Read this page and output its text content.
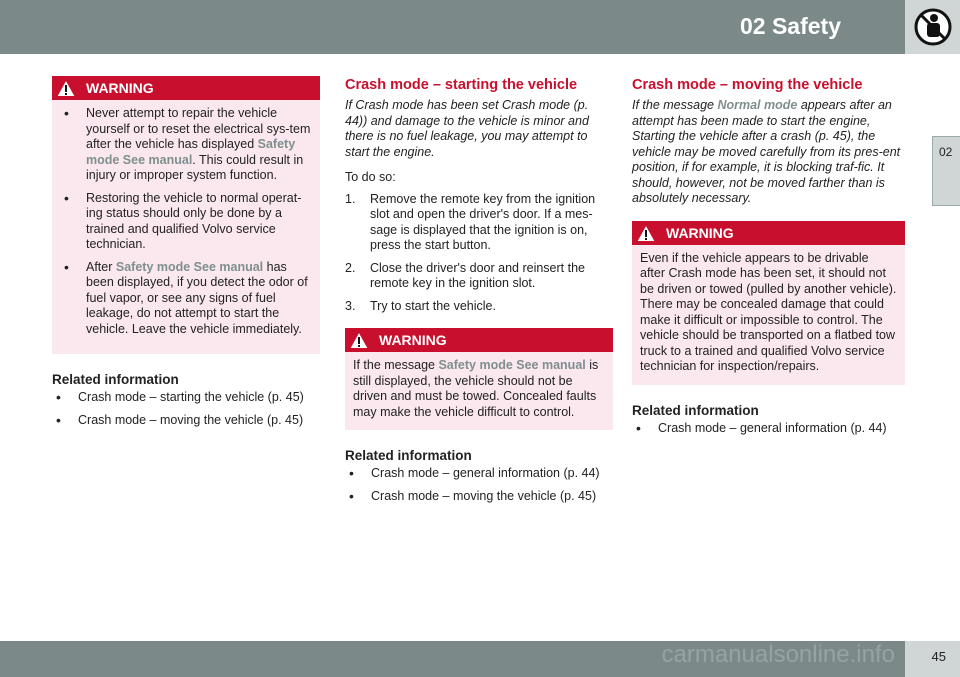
02 Safety
02
WARNING
• Never attempt to repair the vehicle yourself or to reset the electrical sys-tem after the vehicle has displayed Safety mode See manual. This could result in injury or improper system function.
• Restoring the vehicle to normal operat-ing status should only be done by a trained and qualified Volvo service technician.
• After Safety mode See manual has been displayed, if you detect the odor of fuel vapor, or see any signs of fuel leakage, do not attempt to start the vehicle. Leave the vehicle immediately.
Related information
• Crash mode – starting the vehicle (p. 45)
• Crash mode – moving the vehicle (p. 45)
Crash mode – starting the vehicle

If Crash mode has been set Crash mode (p. 44)) and damage to the vehicle is minor and there is no fuel leakage, you may attempt to start the engine.

To do so:

1. Remove the remote key from the ignition slot and open the driver's door. If a mes-sage is displayed that the ignition is on, press the start button.
2. Close the driver's door and reinsert the remote key in the ignition slot.
3. Try to start the vehicle.
WARNING
If the message Safety mode See manual is still displayed, the vehicle should not be driven and must be towed. Concealed faults may make the vehicle difficult to control.
Related information
• Crash mode – general information (p. 44)
• Crash mode – moving the vehicle (p. 45)
Crash mode – moving the vehicle

If the message Normal mode appears after an attempt has been made to start the engine, Starting the vehicle after a crash (p. 45), the vehicle may be moved carefully from its pres-ent position, if for example, it is blocking traf-fic. It should, however, not be moved farther than is absolutely necessary.

WARNING
Even if the vehicle appears to be drivable after Crash mode has been set, it should not be driven or towed (pulled by another vehicle). There may be concealed damage that could make it difficult or impossible to control. The vehicle should be transported on a flatbed tow truck to a trained and qualified Volvo service technician for inspection/repairs.
Related information
• Crash mode – general information (p. 44)
carmanualsonline.info	45
